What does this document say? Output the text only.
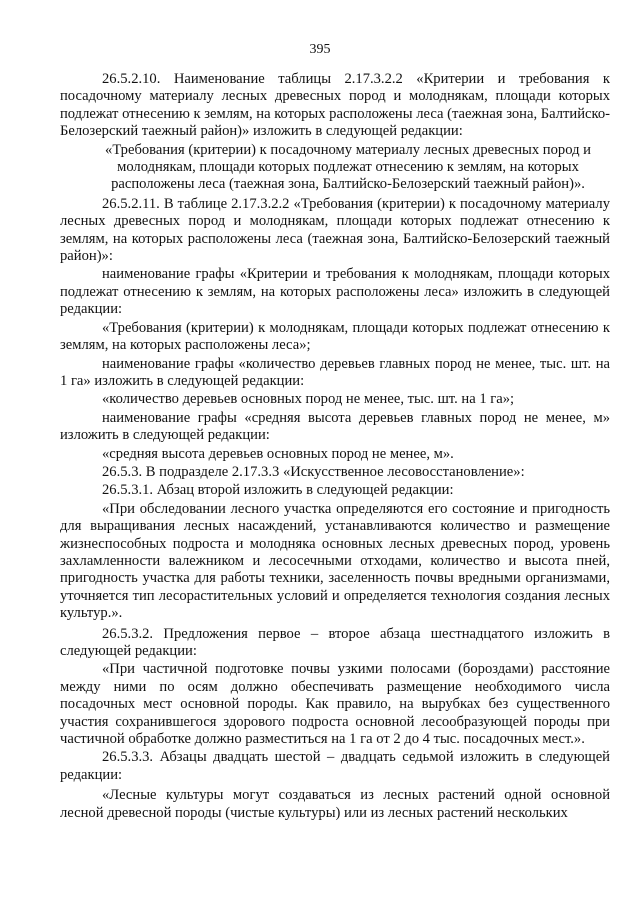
395

26.5.2.10. Наименование таблицы 2.17.3.2.2 «Критерии и требования к посадочному материалу лесных древесных пород и молоднякам, площади которых подлежат отнесению к землям, на которых расположены леса (таежная зона, Балтийско-Белозерский таежный район)» изложить в следующей редакции:

«Требования (критерии) к посадочному материалу лесных древесных пород и молоднякам, площади которых подлежат отнесению к землям, на которых расположены леса (таежная зона, Балтийско-Белозерский таежный район)».

26.5.2.11. В таблице 2.17.3.2.2 «Требования (критерии) к посадочному материалу лесных древесных пород и молоднякам, площади которых подлежат отнесению к землям, на которых расположены леса (таежная зона, Балтийско-Белозерский таежный район)»:

наименование графы «Критерии и требования к молоднякам, площади которых подлежат отнесению к землям, на которых расположены леса» изложить в следующей редакции:

«Требования (критерии) к молоднякам, площади которых подлежат отнесению к землям, на которых расположены леса»;

наименование графы «количество деревьев главных пород не менее, тыс. шт. на 1 га» изложить в следующей редакции:

«количество деревьев основных пород не менее, тыс. шт. на 1 га»;

наименование графы «средняя высота деревьев главных пород не менее, м» изложить в следующей редакции:

«средняя высота деревьев основных пород не менее, м».

26.5.3. В подразделе 2.17.3.3 «Искусственное лесовосстановление»:

26.5.3.1. Абзац второй изложить в следующей редакции:

«При обследовании лесного участка определяются его состояние и пригодность для выращивания лесных насаждений, устанавливаются количество и размещение жизнеспособных подроста и молодняка основных лесных древесных пород, уровень захламленности валежником и лесосечными отходами, количество и высота пней, пригодность участка для работы техники, заселенность почвы вредными организмами, уточняется тип лесорастительных условий и определяется технология создания лесных культур.».

26.5.3.2. Предложения первое – второе абзаца шестнадцатого изложить в следующей редакции:

«При частичной подготовке почвы узкими полосами (бороздами) расстояние между ними по осям должно обеспечивать размещение необходимого числа посадочных мест основной породы. Как правило, на вырубках без существенного участия сохранившегося здорового подроста основной лесообразующей породы при частичной обработке должно разместиться на 1 га от 2 до 4 тыс. посадочных мест.».

26.5.3.3. Абзацы двадцать шестой – двадцать седьмой изложить в следующей редакции:

«Лесные культуры могут создаваться из лесных растений одной основной лесной древесной породы (чистые культуры) или из лесных растений нескольких
